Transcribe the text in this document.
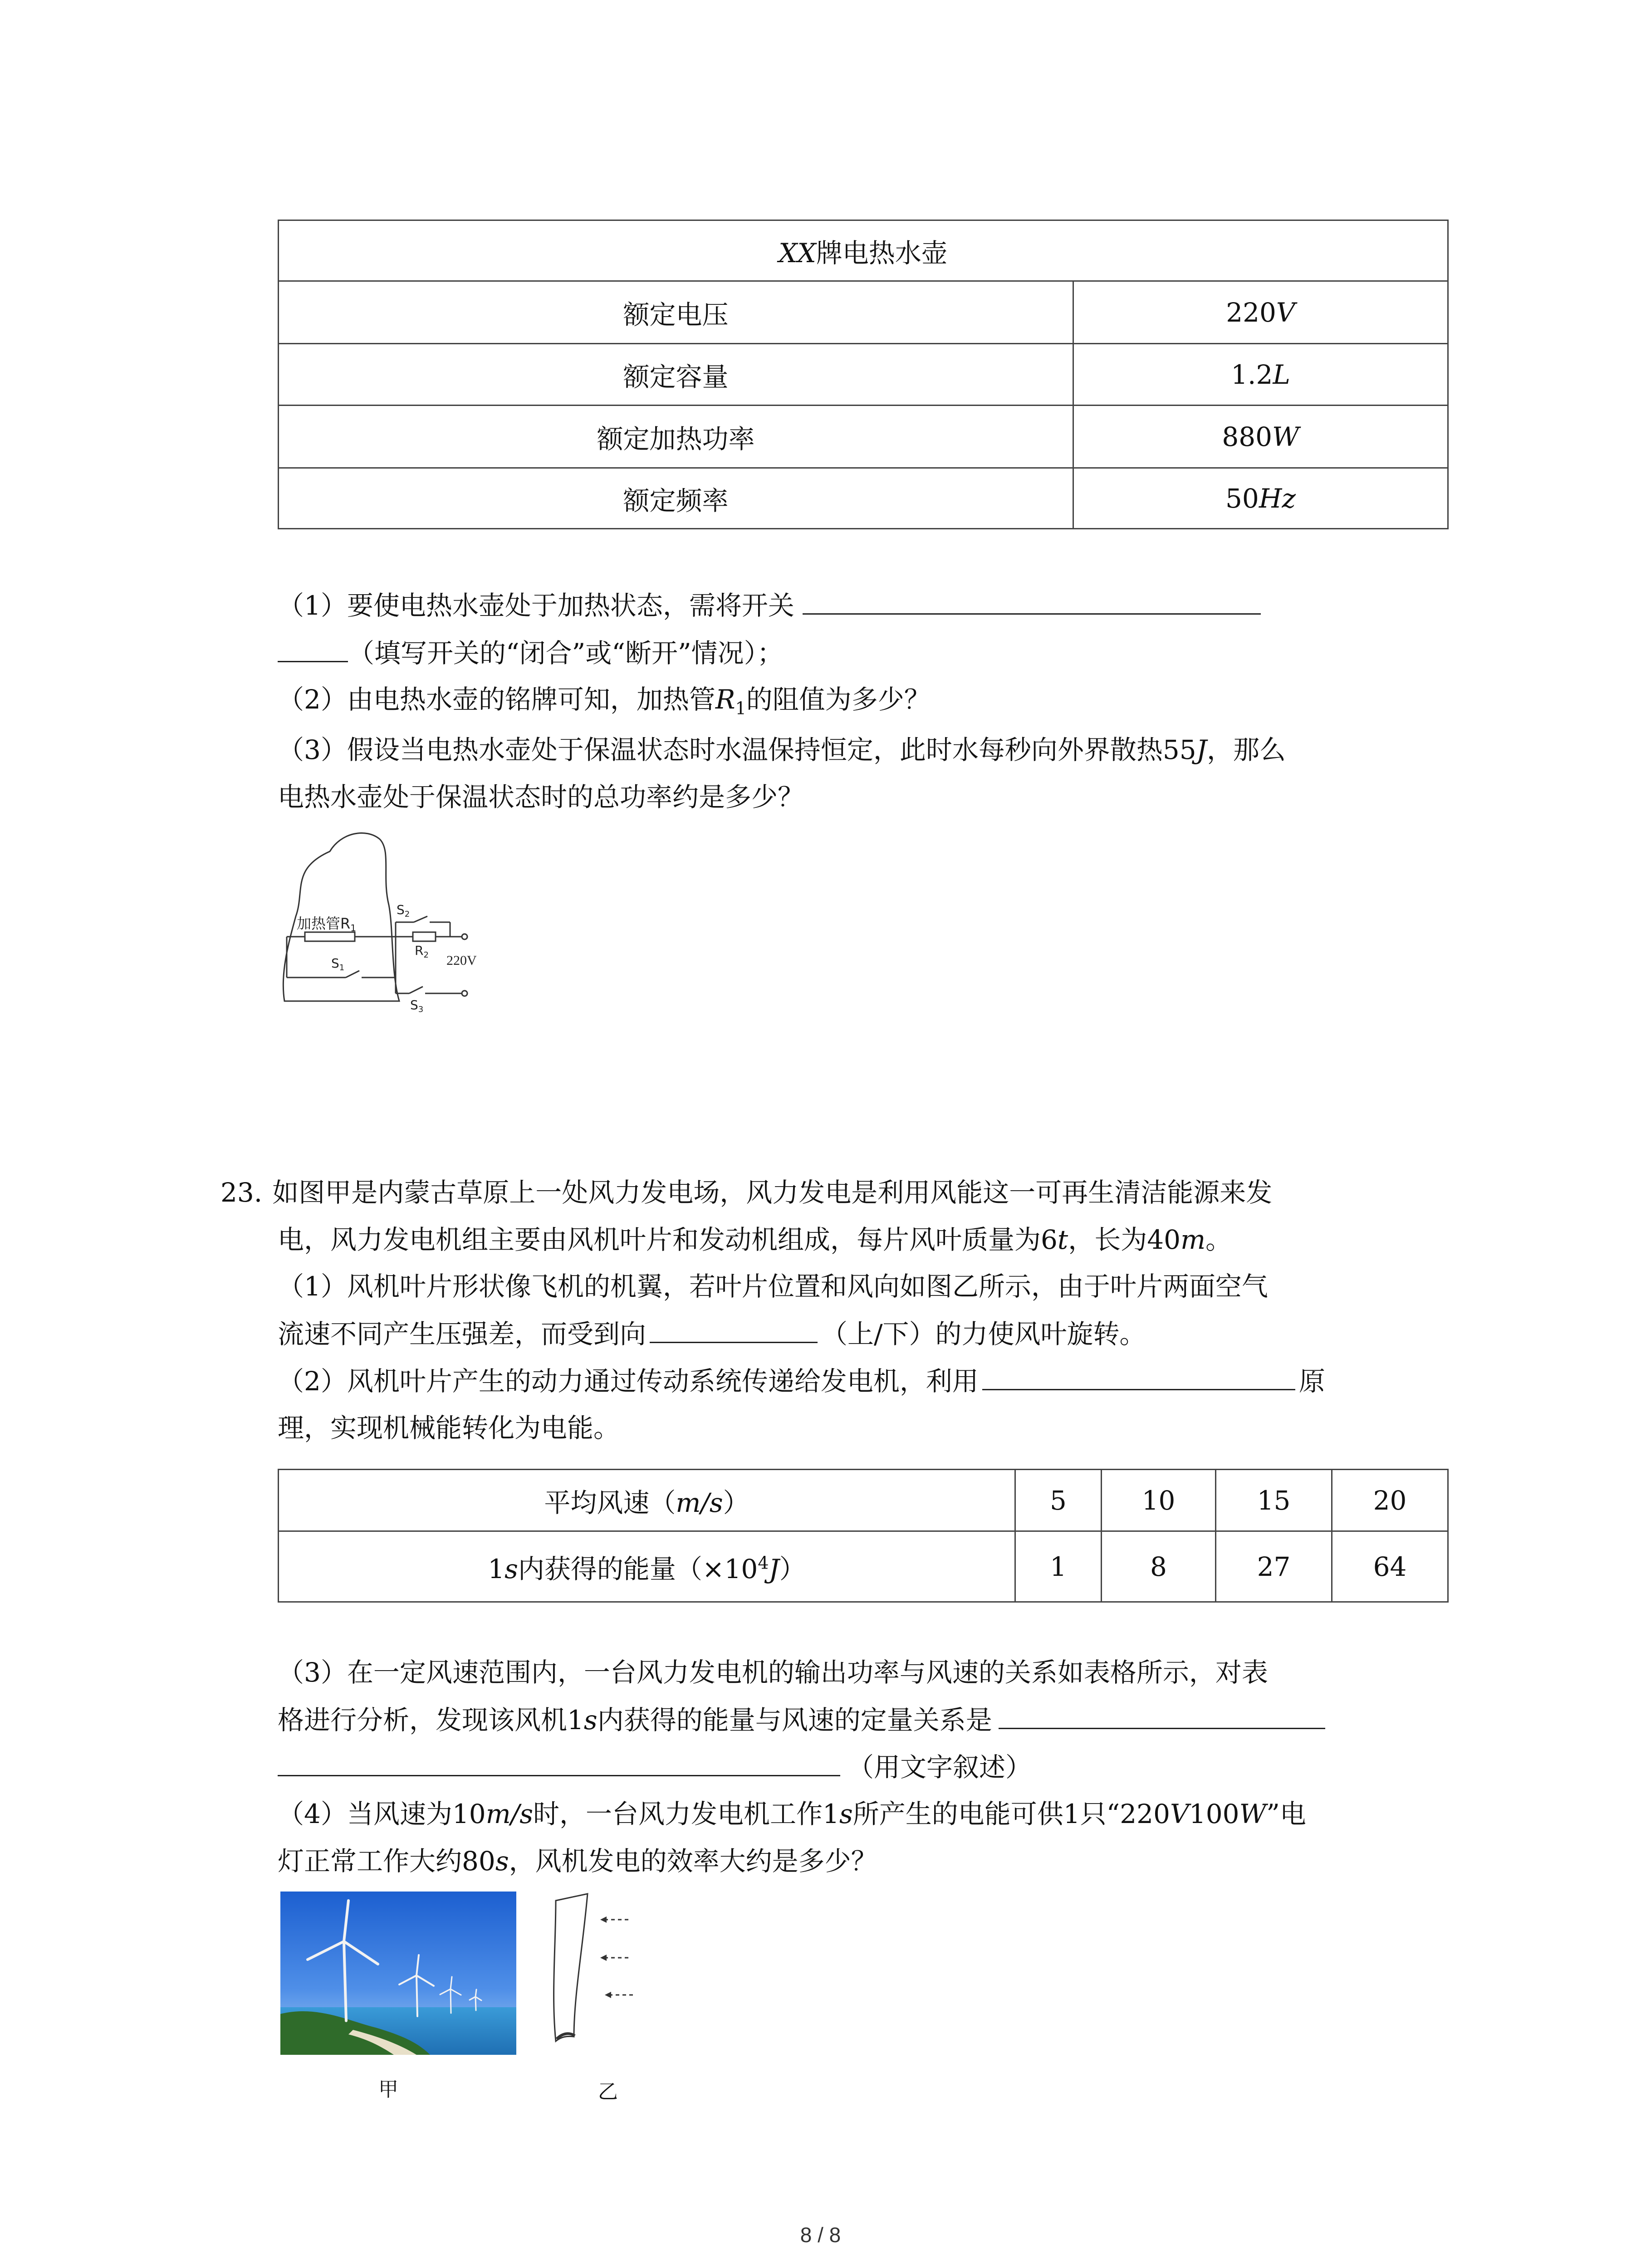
XX牌电热水壶	
额定电压	220V
额定容量	1.2L
额定加热功率	880W
额定频率	50Hz
（1）要使电热水壶处于加热状态，需将开关
（填写开关的“闭合”或“断开”情况）；
（2）由电热水壶的铭牌可知，加热管$R_1$的阻值为多少？
（3）假设当电热水壶处于保温状态时水温保持恒定，此时水每秒向外界散热55J，那么
电热水壶处于保温状态时的总功率约是多少？
加热管R1
$S_1$
$S_2$
$R_2$
$S_3$
220V
23. 如图甲是内蒙古草原上一处风力发电场，风力发电是利用风能这一可再生清洁能源来发
电，风力发电机组主要由风机叶片和发动机组成，每片风叶质量为6t，长为40m。
（1）风机叶片形状像飞机的机翼，若叶片位置和风向如图乙所示，由于叶片两面空气
流速不同产生压强差，而受到向	（上/下）的力使风叶旋转。
（2）风机叶片产生的动力通过传动系统传递给发电机，利用	原
理，实现机械能转化为电能。
平均风速（m/s）	5	10	15	20
1s内获得的能量$(\times 10^4J)$	1	8	27	64
（3）在一定风速范围内，一台风力发电机的输出功率与风速的关系如表格所示，对表
格进行分析，发现该风机1s内获得的能量与风速的定量关系是
（用文字叙述）
（4）当风速为10m/s时，一台风力发电机工作1s所产生的电能可供1只“220V100W”电
灯正常工作大约80s，风机发电的效率大约是多少？
甲	乙
8 / 8
